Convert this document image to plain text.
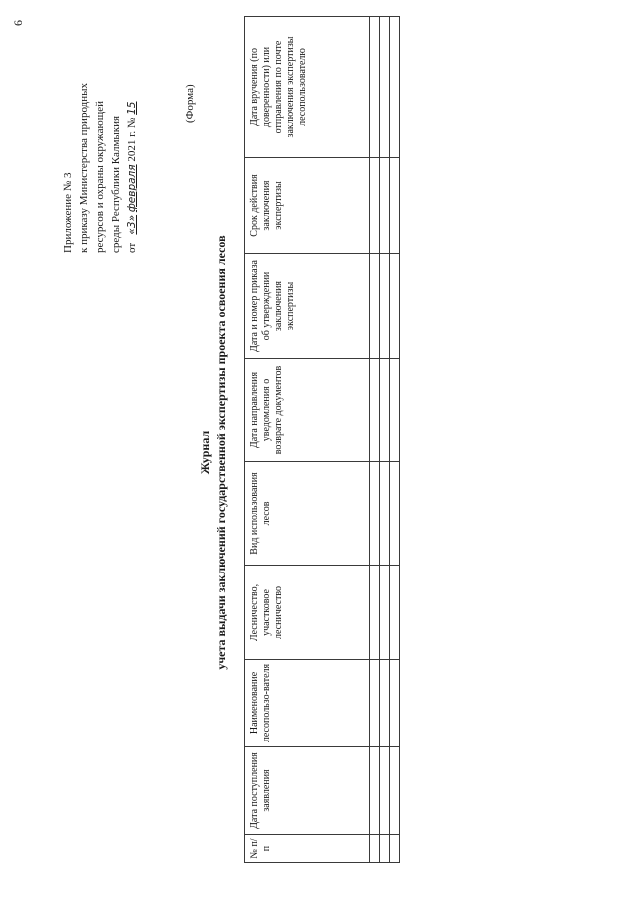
6
Приложение № 3 к приказу Министерства природных ресурсов и охраны окружающей среды Республики Калмыкия от   «3» февраля 2021 г. № 15	(Форма)
Журнал учета выдачи заключений государственной экспертизы проекта освоения лесов
№ п/п	Дата поступления заявления	Наименование лесопользо-вателя	Лесничество, участковое лесничество	Вид использования лесов	Дата направления уведомления о возврате документов	Дата и номер приказа об утверждении заключения экспертизы	Срок действия заключения экспертизы	Дата вручения (по доверенности) или отправления по почте заключения экспертизы лесопользователю
